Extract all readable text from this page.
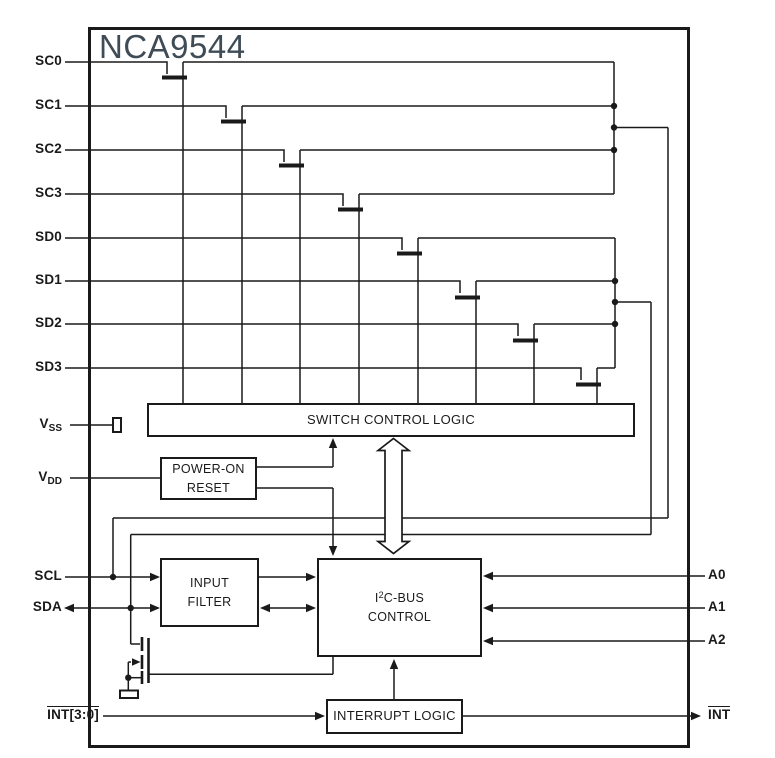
SWITCH CONTROL LOGIC
POWER-ON
RESET
INPUT
FILTER	$I^2C$-BUS
CONTROL
INTERRUPT LOGIC
NCA9544
SC0
SC1
SC2
SC3
SD0
SD1
SD2
SD3
$V_{SS}$
$V_{DD}$
SCL
SDA
INT[3:0]
A0
A1
A2
INT
